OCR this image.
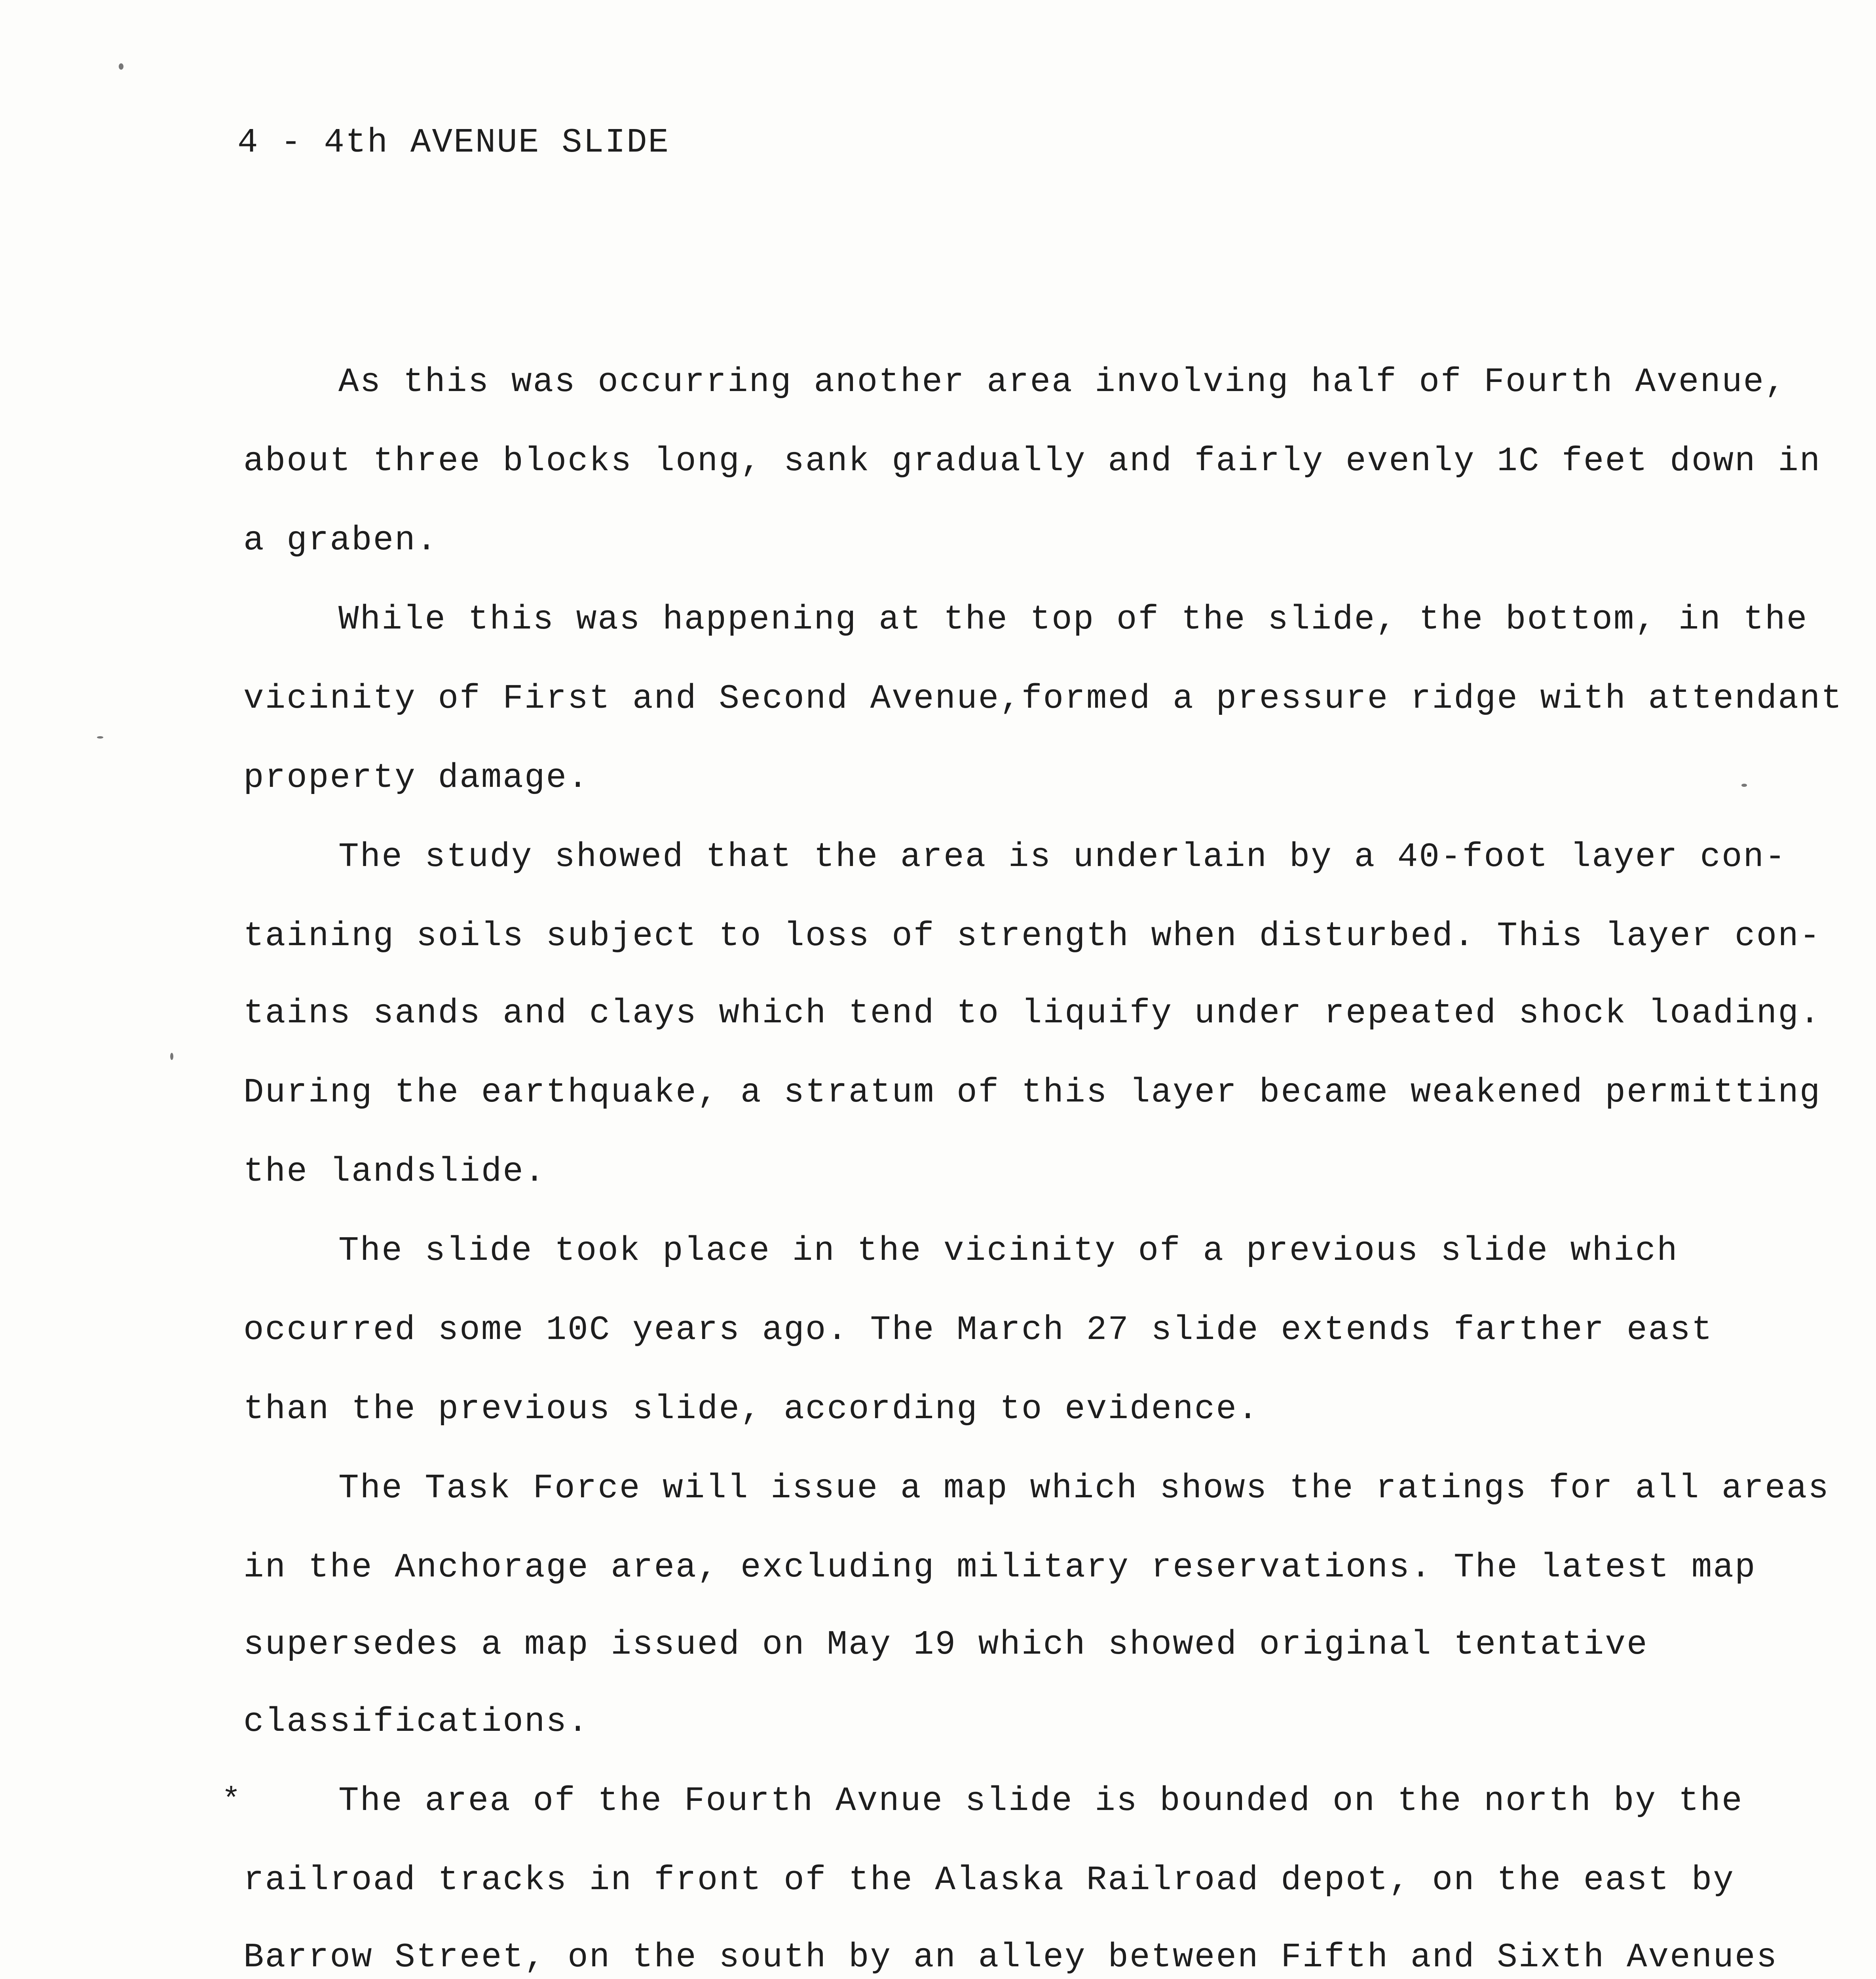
4 - 4th AVENUE SLIDE
As this was occurring another area involving half of Fourth Avenue,
about three blocks long, sank gradually and fairly evenly 1C feet down in
a graben.
While this was happening at the top of the slide, the bottom, in the
vicinity of First and Second Avenue,formed a pressure ridge with attendant
property damage.
The study showed that the area is underlain by a 40-foot layer con-
taining soils subject to loss of strength when disturbed. This layer con-
tains sands and clays which tend to liquify under repeated shock loading.
During the earthquake, a stratum of this layer became weakened permitting
the landslide.
The slide took place in the vicinity of a previous slide which
occurred some 10C years ago. The March 27 slide extends farther east
than the previous slide, according to evidence.
The Task Force will issue a map which shows the ratings for all areas
in the Anchorage area, excluding military reservations. The latest map
supersedes a map issued on May 19 which showed original tentative
classifications.
*	The area of the Fourth Avnue slide is bounded on the north by the
railroad tracks in front of the Alaska Railroad depot, on the east by
Barrow Street, on the south by an alley between Fifth and Sixth Avenues
